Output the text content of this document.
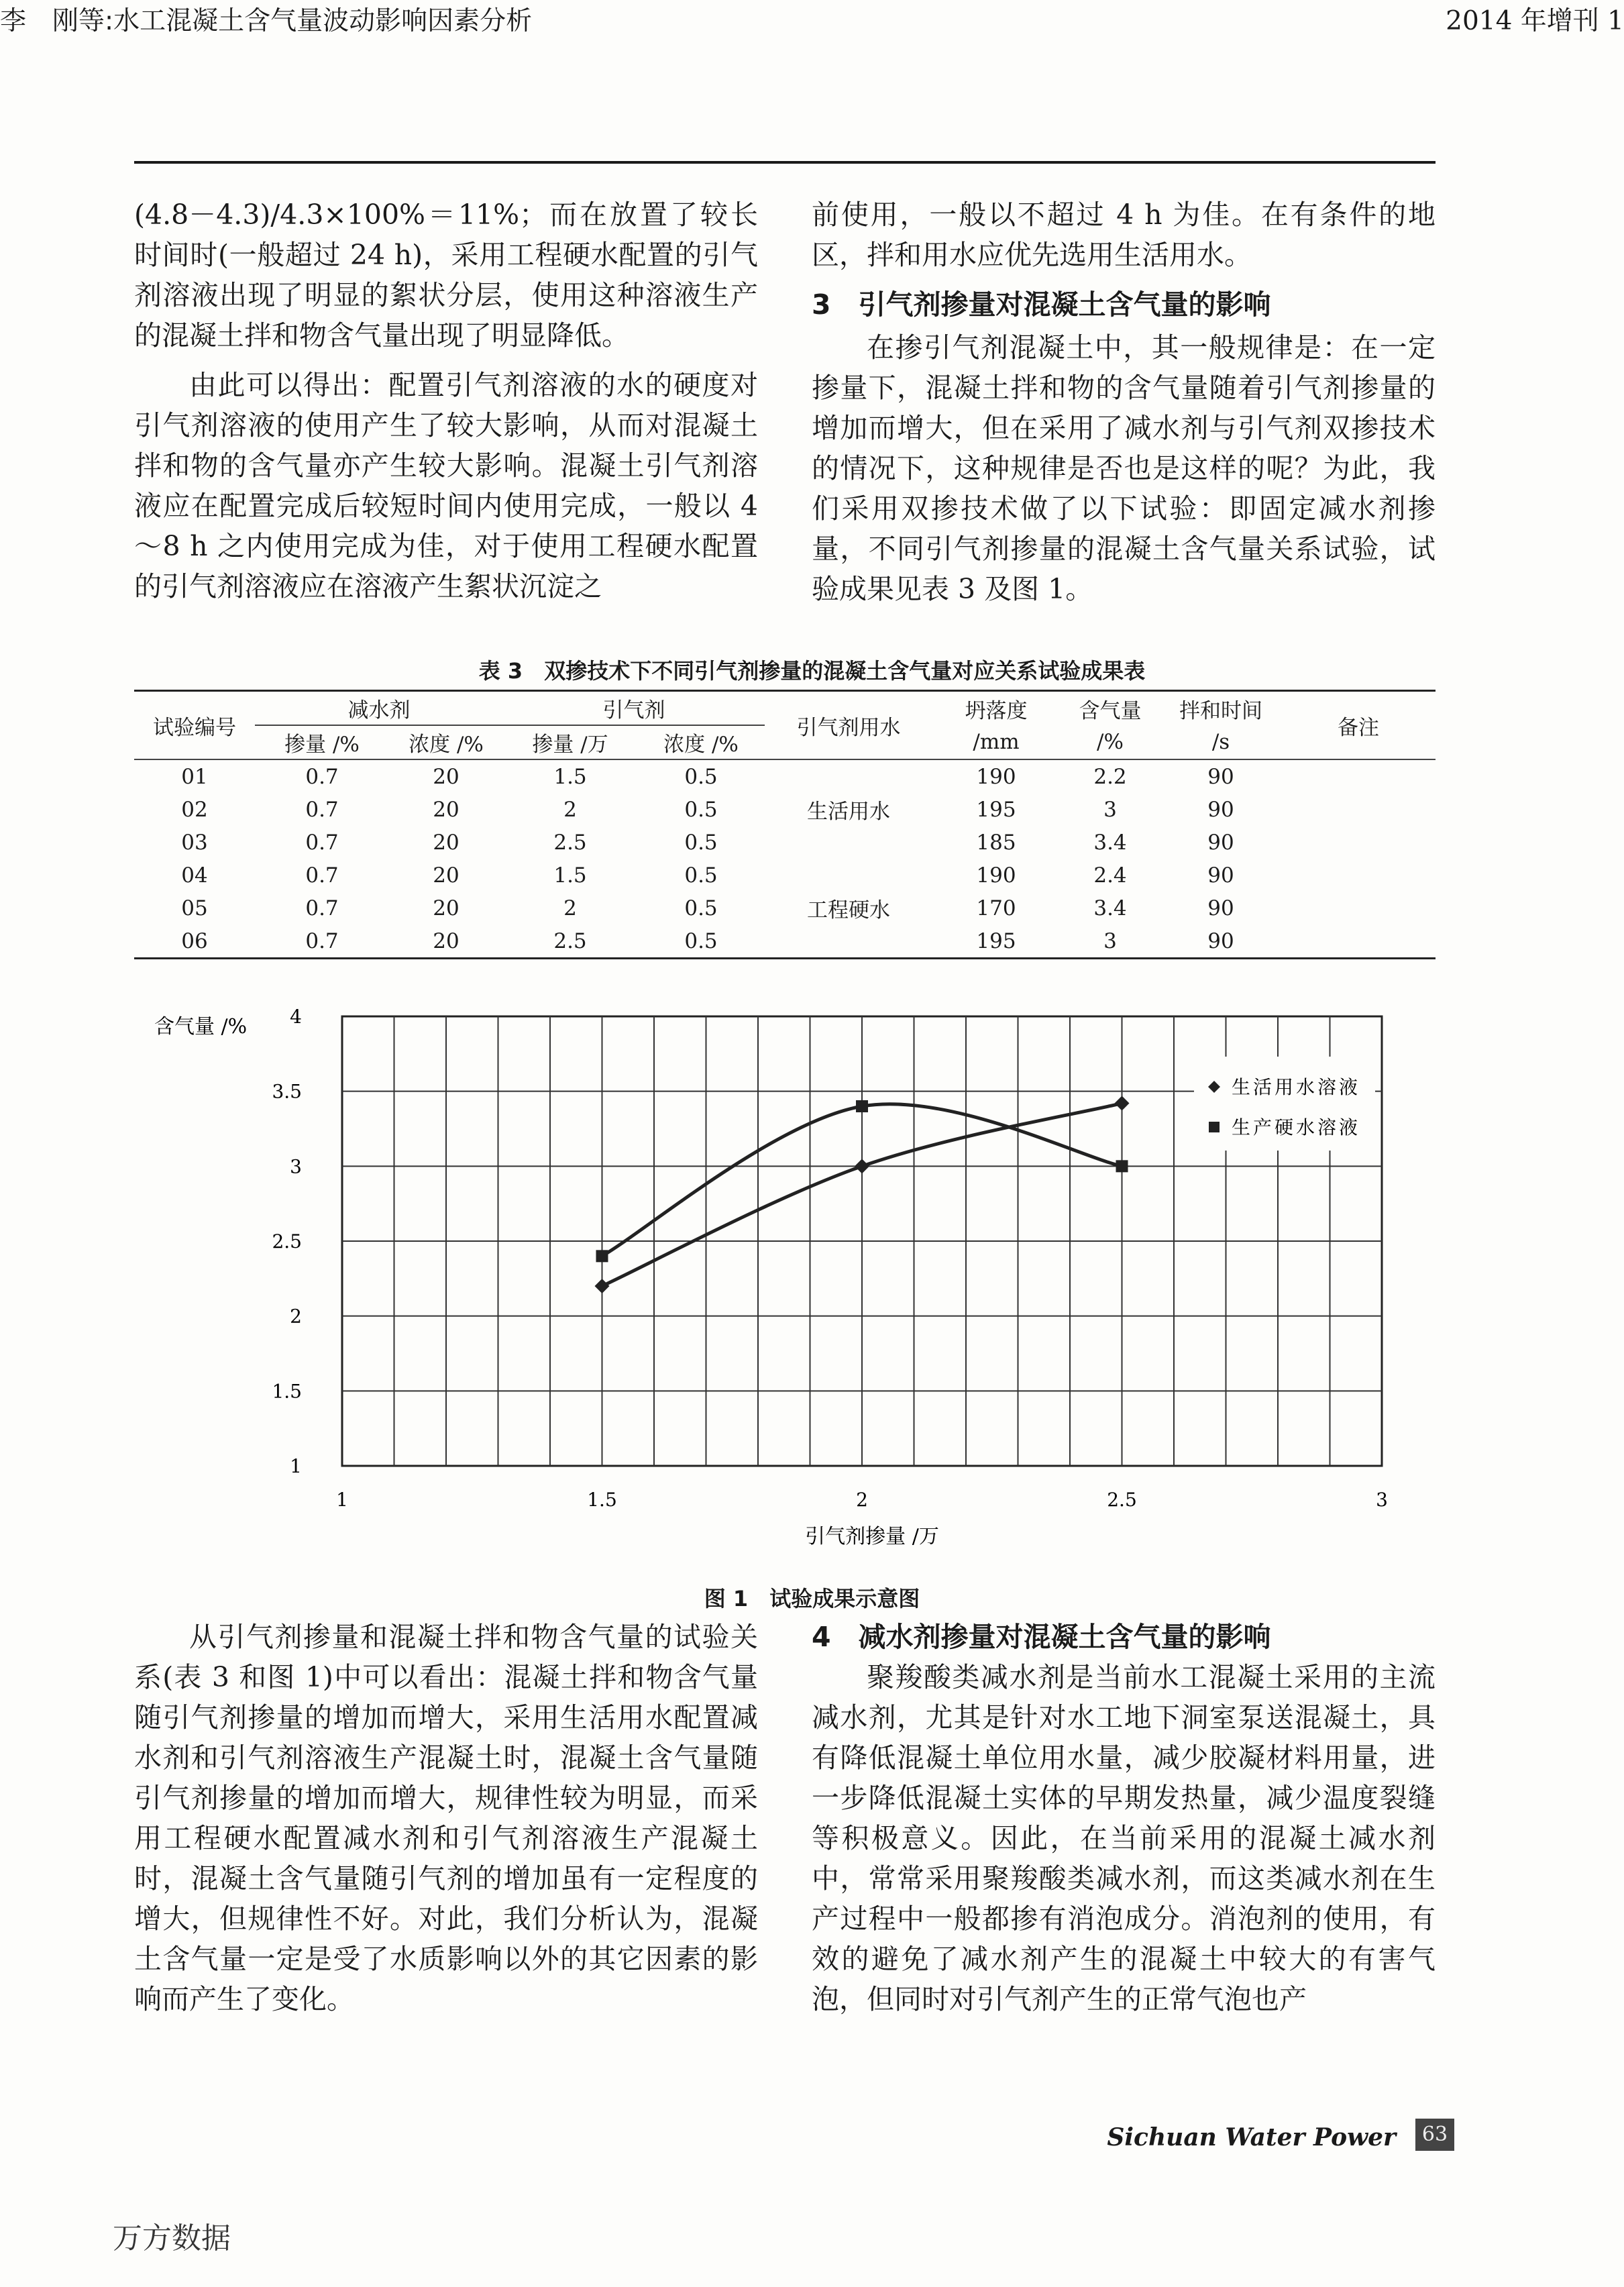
李　刚等:水工混凝土含气量波动影响因素分析	2014 年增刊 1

(4.8－4.3)/4.3×100%＝11%；而在放置了较长时间时(一般超过 24 h)，采用工程硬水配置的引气剂溶液出现了明显的絮状分层，使用这种溶液生产的混凝土拌和物含气量出现了明显降低。

由此可以得出：配置引气剂溶液的水的硬度对引气剂溶液的使用产生了较大影响，从而对混凝土拌和物的含气量亦产生较大影响。混凝土引气剂溶液应在配置完成后较短时间内使用完成，一般以 4～8 h 之内使用完成为佳，对于使用工程硬水配置的引气剂溶液应在溶液产生絮状沉淀之

前使用，一般以不超过 4 h 为佳。在有条件的地区，拌和用水应优先选用生活用水。

3　引气剂掺量对混凝土含气量的影响

在掺引气剂混凝土中，其一般规律是：在一定掺量下，混凝土拌和物的含气量随着引气剂掺量的增加而增大，但在采用了减水剂与引气剂双掺技术的情况下，这种规律是否也是这样的呢？为此，我们采用双掺技术做了以下试验：即固定减水剂掺量，不同引气剂掺量的混凝土含气量关系试验，试验成果见表 3 及图 1。

表 3　双掺技术下不同引气剂掺量的混凝土含气量对应关系试验成果表
试验编号	减水剂		引气剂		引气剂用水	坍落度	含气量	拌和时间	备注
	掺量 /%	浓度 /%	掺量 /万	浓度 /%		/mm	/%	/s	
01	0.7	20	1.5	0.5	生活用水	190	2.2	90	
02	0.7	20	2	0.5		195	3	90	
03	0.7	20	2.5	0.5		185	3.4	90	
04	0.7	20	1.5	0.5	工程硬水	190	2.4	90	
05	0.7	20	2	0.5		170	3.4	90	
06	0.7	20	2.5	0.5		195	3	90	
含气量 /%
引气剂掺量 /万
1
1.5
2
2.5
3
3.5
4
1	1.5	2	2.5	3
生活用水溶液
生产硬水溶液
图 1　试验成果示意图

从引气剂掺量和混凝土拌和物含气量的试验关系(表 3 和图 1)中可以看出：混凝土拌和物含气量随引气剂掺量的增加而增大，采用生活用水配置减水剂和引气剂溶液生产混凝土时，混凝土含气量随引气剂掺量的增加而增大，规律性较为明显，而采用工程硬水配置减水剂和引气剂溶液生产混凝土时，混凝土含气量随引气剂的增加虽有一定程度的增大，但规律性不好。对此，我们分析认为，混凝土含气量一定是受了水质影响以外的其它因素的影响而产生了变化。

4　减水剂掺量对混凝土含气量的影响

聚羧酸类减水剂是当前水工混凝土采用的主流减水剂，尤其是针对水工地下洞室泵送混凝土，具有降低混凝土单位用水量，减少胶凝材料用量，进一步降低混凝土实体的早期发热量，减少温度裂缝等积极意义。因此，在当前采用的混凝土减水剂中，常常采用聚羧酸类减水剂，而这类减水剂在生产过程中一般都掺有消泡成分。消泡剂的使用，有效的避免了减水剂产生的混凝土中较大的有害气泡，但同时对引气剂产生的正常气泡也产

Sichuan Water Power	63
万方数据
